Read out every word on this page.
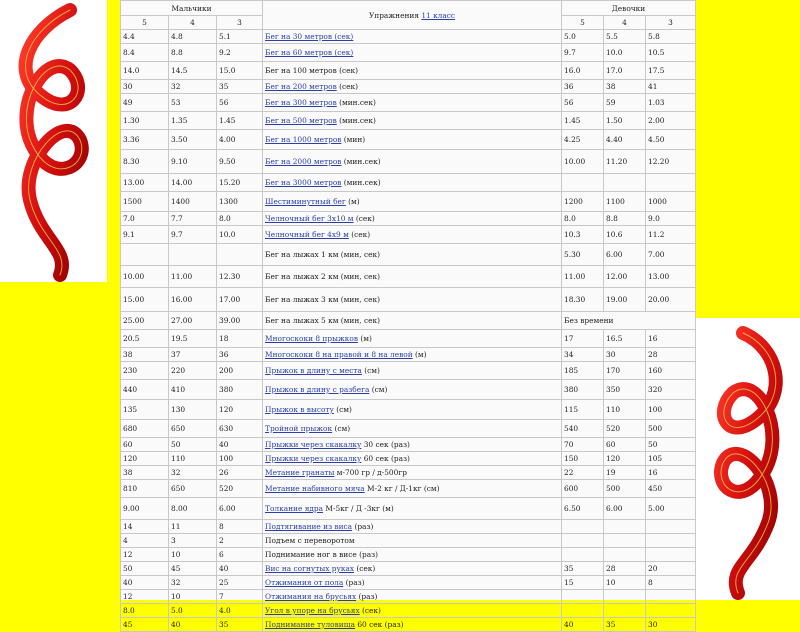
Мальчики			Упражнения 11 класс	Девочки		
5	4	3		5	4	3
4.4	4.8	5.1	Бег на 30 метров (сек)	5.0	5.5	5.8
8.4	8.8	9.2	Бег на 60 метров (сек)	9.7	10.0	10.5
14.0	14.5	15.0	Бег на 100 метров (сек)	16.0	17.0	17.5
30	32	35	Бег на 200 метров (сек)	36	38	41
49	53	56	Бег на 300 метров (мин.сек)	56	59	1.03
1.30	1.35	1.45	Бег на 500 метров (мин.сек)	1.45	1.50	2.00
3.36	3.50	4.00	Бег на 1000 метров (мин)	4.25	4.40	4.50
8.30	9.10	9.50	Бег на 2000 метров (мин.сек)	10.00	11.20	12.20
13.00	14.00	15.20	Бег на 3000 метров (мин.сек)			
1500	1400	1300	Шестиминутный бег (м)	1200	1100	1000
7.0	7.7	8.0	Челночный бег 3х10 м (сек)	8.0	8.8	9.0
9.1	9.7	10.0	Челночный бег 4х9 м (сек)	10.3	10.6	11.2
			Бег на лыжах 1 км (мин, сек)	5.30	6.00	7.00
10.00	11.00	12.30	Бег на лыжах 2 км (мин, сек)	11.00	12.00	13.00
15.00	16.00	17.00	Бег на лыжах 3 км (мин, сек)	18.30	19.00	20.00
25.00	27.00	39.00	Бег на лыжах 5 км (мин, сек)	Без времени		
20.5	19.5	18	Многоскоки 8 прыжков (м)	17	16.5	16
38	37	36	Многоскоки 8 на правой и 8 на левой (м)	34	30	28
230	220	200	Прыжок в длину с места (см)	185	170	160
440	410	380	Прыжок в длину с разбега (см)	380	350	320
135	130	120	Прыжок в высоту (см)	115	110	100
680	650	630	Тройной прыжок (см)	540	520	500
60	50	40	Прыжки через скакалку 30 сек (раз)	70	60	50
120	110	100	Прыжки через скакалку 60 сек (раз)	150	120	105
38	32	26	Метание гранаты м-700 гр / д-500гр	22	19	16
810	650	520	Метание набивного мяча М-2 кг / Д-1кг (см)	600	500	450
9.00	8.00	6.00	Толкание ядра М-5кг / Д -3кг (м)	6.50	6.00	5.00
14	11	8	Подтягивание из виса (раз)			
4	3	2	Подъем с переворотом			
12	10	6	Поднимание ног в висе (раз)			
50	45	40	Вис на согнутых руках (сек)	35	28	20
40	32	25	Отжимания от пола (раз)	15	10	8
12	10	7	Отжимания на брусьях (раз)			
8.0	5.0	4.0	Угол в упоре на брусьях (сек)			
45	40	35	Поднимание туловища 60 сек (раз)	40	35	30
